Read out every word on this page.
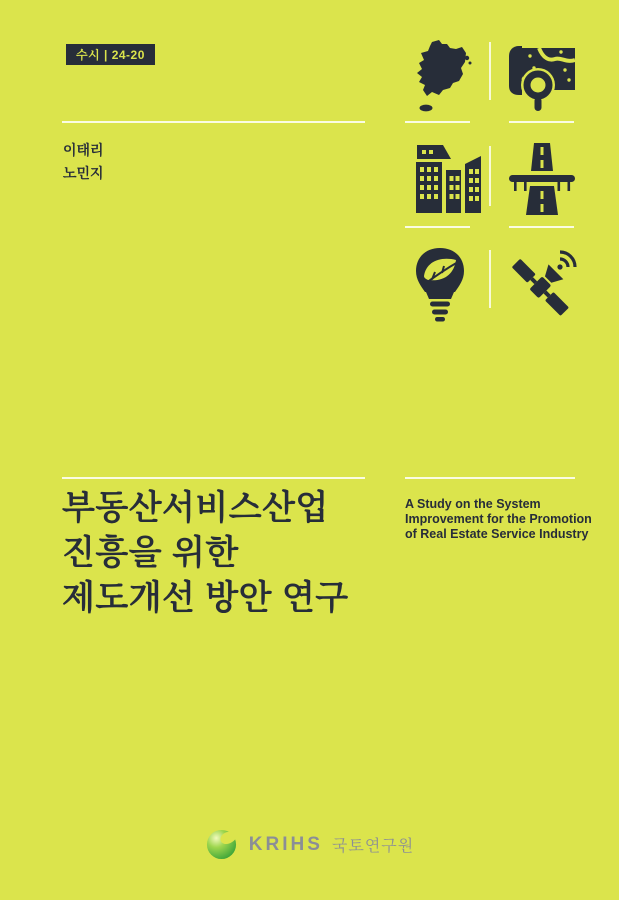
수시 | 24-20
이태리
노민지
부동산서비스산업
진흥을 위한
제도개선 방안 연구
A Study on the System
Improvement for the Promotion
of Real Estate Service Industry
KRIHS 국토연구원
